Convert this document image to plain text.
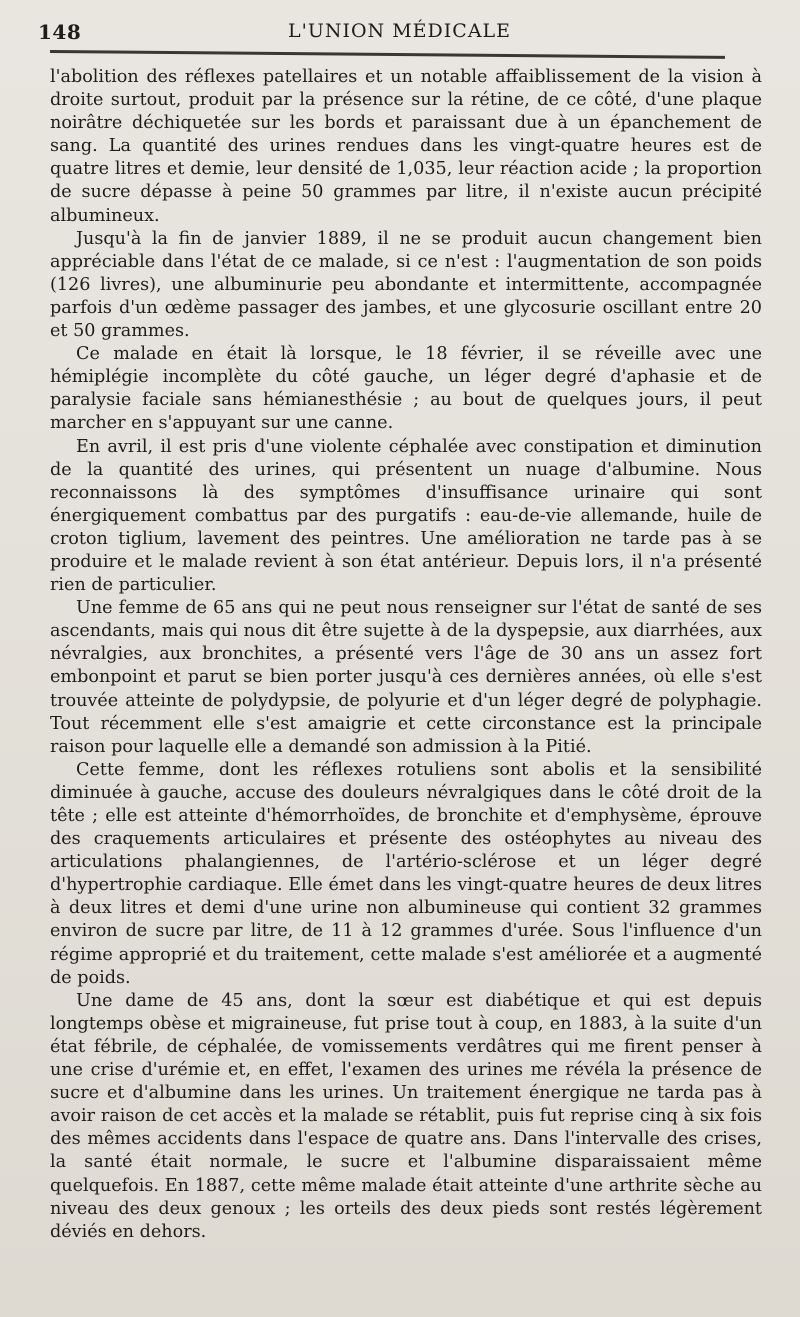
148	L'UNION MÉDICALE

l'abolition des réflexes patellaires et un notable affaiblissement de la vision à droite surtout, produit par la présence sur la rétine, de ce côté, d'une plaque noirâtre déchiquetée sur les bords et paraissant due à un épanchement de sang. La quantité des urines rendues dans les vingt-quatre heures est de quatre litres et demie, leur densité de 1,035, leur réaction acide ; la proportion de sucre dépasse à peine 50 grammes par litre, il n'existe aucun précipité albumineux.

Jusqu'à la fin de janvier 1889, il ne se produit aucun changement bien appréciable dans l'état de ce malade, si ce n'est : l'augmentation de son poids (126 livres), une albuminurie peu abondante et intermittente, accompagnée parfois d'un œdème passager des jambes, et une glycosurie oscillant entre 20 et 50 grammes.

Ce malade en était là lorsque, le 18 février, il se réveille avec une hémiplégie incomplète du côté gauche, un léger degré d'aphasie et de paralysie faciale sans hémianesthésie ; au bout de quelques jours, il peut marcher en s'appuyant sur une canne.

En avril, il est pris d'une violente céphalée avec constipation et diminution de la quantité des urines, qui présentent un nuage d'albumine. Nous reconnaissons là des symptômes d'insuffisance urinaire qui sont énergiquement combattus par des purgatifs : eau-de-vie allemande, huile de croton tiglium, lavement des peintres. Une amélioration ne tarde pas à se produire et le malade revient à son état antérieur. Depuis lors, il n'a présenté rien de particulier.

Une femme de 65 ans qui ne peut nous renseigner sur l'état de santé de ses ascendants, mais qui nous dit être sujette à de la dyspepsie, aux diarrhées, aux névralgies, aux bronchites, a présenté vers l'âge de 30 ans un assez fort embonpoint et parut se bien porter jusqu'à ces dernières années, où elle s'est trouvée atteinte de polydypsie, de polyurie et d'un léger degré de polyphagie. Tout récemment elle s'est amaigrie et cette circonstance est la principale raison pour laquelle elle a demandé son admission à la Pitié.

Cette femme, dont les réflexes rotuliens sont abolis et la sensibilité diminuée à gauche, accuse des douleurs névralgiques dans le côté droit de la tête ; elle est atteinte d'hémorrhoïdes, de bronchite et d'emphysème, éprouve des craquements articulaires et présente des ostéophytes au niveau des articulations phalangiennes, de l'artério-sclérose et un léger degré d'hypertrophie cardiaque. Elle émet dans les vingt-quatre heures de deux litres à deux litres et demi d'une urine non albumineuse qui contient 32 grammes environ de sucre par litre, de 11 à 12 grammes d'urée. Sous l'influence d'un régime approprié et du traitement, cette malade s'est améliorée et a augmenté de poids.

Une dame de 45 ans, dont la sœur est diabétique et qui est depuis longtemps obèse et migraineuse, fut prise tout à coup, en 1883, à la suite d'un état fébrile, de céphalée, de vomissements verdâtres qui me firent penser à une crise d'urémie et, en effet, l'examen des urines me révéla la présence de sucre et d'albumine dans les urines. Un traitement énergique ne tarda pas à avoir raison de cet accès et la malade se rétablit, puis fut reprise cinq à six fois des mêmes accidents dans l'espace de quatre ans. Dans l'intervalle des crises, la santé était normale, le sucre et l'albumine disparaissaient même quelquefois. En 1887, cette même malade était atteinte d'une arthrite sèche au niveau des deux genoux ; les orteils des deux pieds sont restés légèrement déviés en dehors.
